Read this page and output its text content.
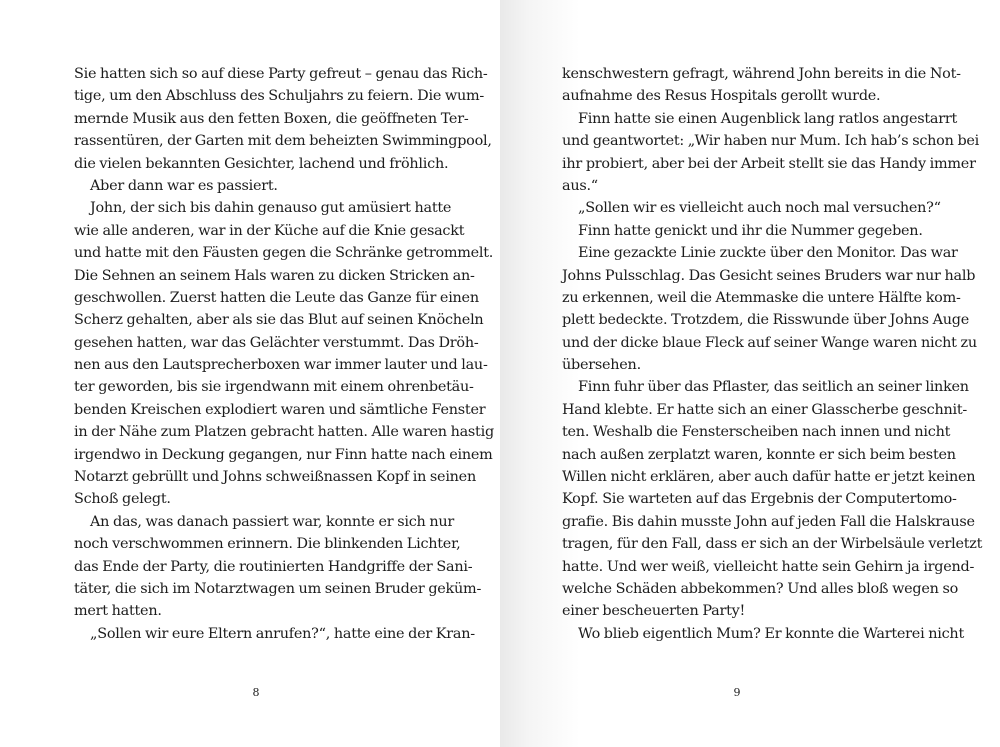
Sie hatten sich so auf diese Party gefreut – genau das Rich-
tige, um den Abschluss des Schuljahrs zu feiern. Die wum-
mernde Musik aus den fetten Boxen, die geöffneten Ter-
rassentüren, der Garten mit dem beheizten Swimmingpool,
die vielen bekannten Gesichter, lachend und fröhlich.
Aber dann war es passiert.
John, der sich bis dahin genauso gut amüsiert hatte
wie alle anderen, war in der Küche auf die Knie gesackt
und hatte mit den Fäusten gegen die Schränke getrommelt.
Die Sehnen an seinem Hals waren zu dicken Stricken an-
geschwollen. Zuerst hatten die Leute das Ganze für einen
Scherz gehalten, aber als sie das Blut auf seinen Knöcheln
gesehen hatten, war das Gelächter verstummt. Das Dröh-
nen aus den Lautsprecherboxen war immer lauter und lau-
ter geworden, bis sie irgendwann mit einem ohrenbetäu-
benden Kreischen explodiert waren und sämtliche Fenster
in der Nähe zum Platzen gebracht hatten. Alle waren hastig
irgendwo in Deckung gegangen, nur Finn hatte nach einem
Notarzt gebrüllt und Johns schweißnassen Kopf in seinen
Schoß gelegt.
An das, was danach passiert war, konnte er sich nur
noch verschwommen erinnern. Die blinkenden Lichter,
das Ende der Party, die routinierten Handgriffe der Sani-
täter, die sich im Notarztwagen um seinen Bruder geküm-
mert hatten.
„Sollen wir eure Eltern anrufen?“, hatte eine der Kran-
8
kenschwestern gefragt, während John bereits in die Not-
aufnahme des Resus Hospitals gerollt wurde.
Finn hatte sie einen Augenblick lang ratlos angestarrt
und geantwortet: „Wir haben nur Mum. Ich hab’s schon bei
ihr probiert, aber bei der Arbeit stellt sie das Handy immer
aus.“
„Sollen wir es vielleicht auch noch mal versuchen?“
Finn hatte genickt und ihr die Nummer gegeben.
Eine gezackte Linie zuckte über den Monitor. Das war
Johns Pulsschlag. Das Gesicht seines Bruders war nur halb
zu erkennen, weil die Atemmaske die untere Hälfte kom-
plett bedeckte. Trotzdem, die Risswunde über Johns Auge
und der dicke blaue Fleck auf seiner Wange waren nicht zu
übersehen.
Finn fuhr über das Pflaster, das seitlich an seiner linken
Hand klebte. Er hatte sich an einer Glasscherbe geschnit-
ten. Weshalb die Fensterscheiben nach innen und nicht
nach außen zerplatzt waren, konnte er sich beim besten
Willen nicht erklären, aber auch dafür hatte er jetzt keinen
Kopf. Sie warteten auf das Ergebnis der Computertomo-
grafie. Bis dahin musste John auf jeden Fall die Halskrause
tragen, für den Fall, dass er sich an der Wirbelsäule verletzt
hatte. Und wer weiß, vielleicht hatte sein Gehirn ja irgend-
welche Schäden abbekommen? Und alles bloß wegen so
einer bescheuerten Party!
Wo blieb eigentlich Mum? Er konnte die Warterei nicht
9
